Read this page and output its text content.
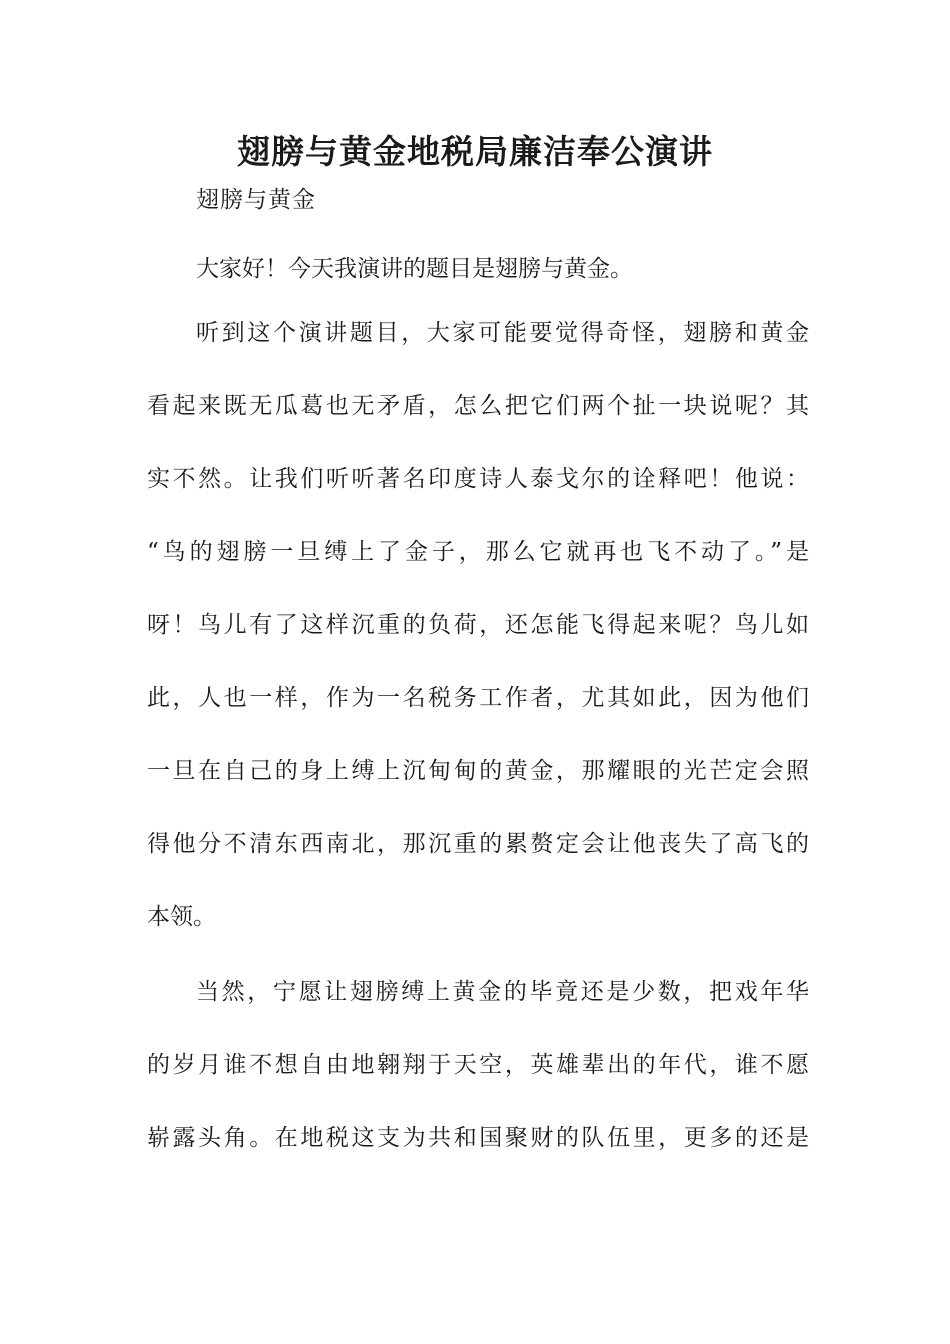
翅膀与黄金地税局廉洁奉公演讲

翅膀与黄金

大家好！今天我演讲的题目是翅膀与黄金。

听到这个演讲题目，大家可能要觉得奇怪，翅膀和黄金

看起来既无瓜葛也无矛盾，怎么把它们两个扯一块说呢？其

实不然。让我们听听著名印度诗人泰戈尔的诠释吧！他说：

“鸟的翅膀一旦缚上了金子，那么它就再也飞不动了。”是

呀！鸟儿有了这样沉重的负荷，还怎能飞得起来呢？鸟儿如

此，人也一样，作为一名税务工作者，尤其如此，因为他们

一旦在自己的身上缚上沉甸甸的黄金，那耀眼的光芒定会照

得他分不清东西南北，那沉重的累赘定会让他丧失了高飞的

本领。

当然，宁愿让翅膀缚上黄金的毕竟还是少数，把戏年华

的岁月谁不想自由地翱翔于天空，英雄辈出的年代，谁不愿

崭露头角。在地税这支为共和国聚财的队伍里，更多的还是
